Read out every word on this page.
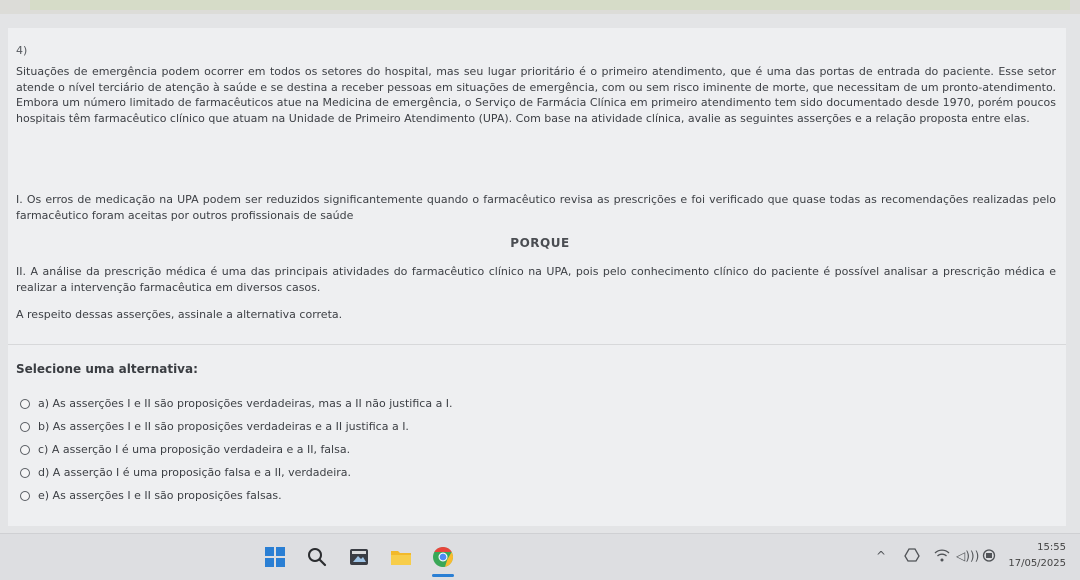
4)

Situações de emergência podem ocorrer em todos os setores do hospital, mas seu lugar prioritário é o primeiro atendimento, que é uma das portas de entrada do paciente. Esse setor atende o nível terciário de atenção à saúde e se destina a receber pessoas em situações de emergência, com ou sem risco iminente de morte, que necessitam de um pronto-atendimento. Embora um número limitado de farmacêuticos atue na Medicina de emergência, o Serviço de Farmácia Clínica em primeiro atendimento tem sido documentado desde 1970, porém poucos hospitais têm farmacêutico clínico que atuam na Unidade de Primeiro Atendimento (UPA). Com base na atividade clínica, avalie as seguintes asserções e a relação proposta entre elas.

I. Os erros de medicação na UPA podem ser reduzidos significantemente quando o farmacêutico revisa as prescrições e foi verificado que quase todas as recomendações realizadas pelo farmacêutico foram aceitas por outros profissionais de saúde

PORQUE

II. A análise da prescrição médica é uma das principais atividades do farmacêutico clínico na UPA, pois pelo conhecimento clínico do paciente é possível analisar a prescrição médica e realizar a intervenção farmacêutica em diversos casos.

A respeito dessas asserções, assinale a alternativa correta.
Selecione uma alternativa:
a) As asserções I e II são proposições verdadeiras, mas a II não justifica a I.
b) As asserções I e II são proposições verdadeiras e a II justifica a I.
c) A asserção I é uma proposição verdadeira e a II, falsa.
d) A asserção I é uma proposição falsa e a II, verdadeira.
e) As asserções I e II são proposições falsas.
^	◁)))
15:55
17/05/2025
